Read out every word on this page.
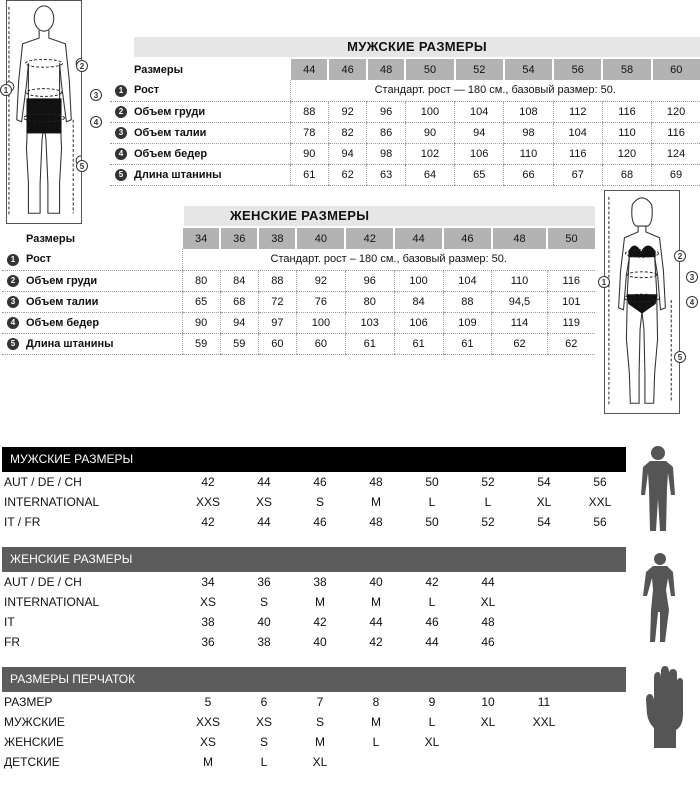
1
2
3
4
5
МУЖСКИЕ РАЗМЕРЫ
	Размеры	44	46	48	50	52	54	56	58	60
1	Рост	Стандарт. рост — 180 см., базовый размер: 50.								
2	Объем груди	88	92	96	100	104	108	112	116	120
3	Объем талии	78	82	86	90	94	98	104	110	116
4	Объем бедер	90	94	98	102	106	110	116	120	124
5	Длина штанины	61	62	63	64	65	66	67	68	69
ЖЕНСКИЕ РАЗМЕРЫ
	Размеры	34	36	38	40	42	44	46	48	50
1	Рост	Стандарт. рост – 180 см., базовый размер: 50.								
2	Объем груди	80	84	88	92	96	100	104	110	116
3	Объем талии	65	68	72	76	80	84	88	94,5	101
4	Объем бедер	90	94	97	100	103	106	109	114	119
5	Длина штанины	59	59	60	60	61	61	61	62	62
1
2
3
4
5
МУЖСКИЕ РАЗМЕРЫ
AUT / DE / CH	42	44	46	48	50	52	54	56
INTERNATIONAL	XXS	XS	S	M	L	L	XL	XXL
IT / FR	42	44	46	48	50	52	54	56
ЖЕНСКИЕ РАЗМЕРЫ
AUT / DE / CH	34	36	38	40	42	44
INTERNATIONAL	XS	S	M	M	L	XL
IT	38	40	42	44	46	48
FR	36	38	40	42	44	46
РАЗМЕРЫ ПЕРЧАТОК
РАЗМЕР	5	6	7	8	9	10	11
МУЖСКИЕ	XXS	XS	S	M	L	XL	XXL
ЖЕНСКИЕ	XS	S	M	L	XL
ДЕТСКИЕ	M	L	XL
